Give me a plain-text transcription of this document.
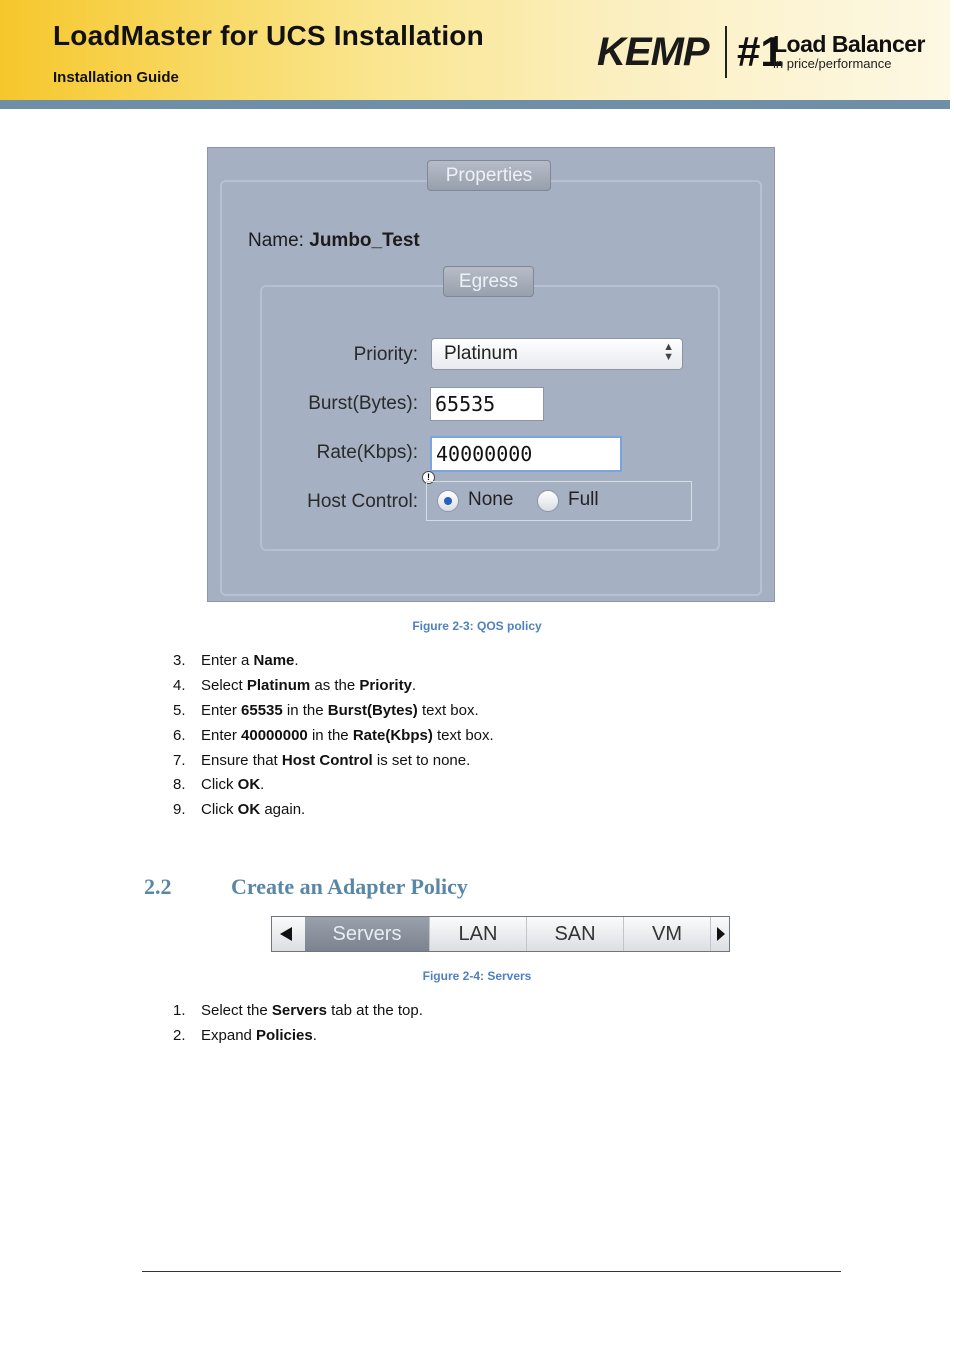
LoadMaster for UCS Installation
Installation Guide
KEMP #1
Load Balancer
in price/performance
Properties
Name: Jumbo_Test
Egress
Priority: Platinum	▲
▼
Burst(Bytes): 65535
Rate(Kbps): 40000000
!
Host Control:	None	Full
Figure 2-3: QOS policy
3. Enter a Name.
4. Select Platinum as the Priority.
5. Enter 65535 in the Burst(Bytes) text box.
6. Enter 40000000 in the Rate(Kbps) text box.
7. Ensure that Host Control is set to none.
8. Click OK.
9. Click OK again.
2.2	Create an Adapter Policy
Servers	LAN	SAN	VM
Figure 2-4: Servers
1. Select the Servers tab at the top.
2. Expand Policies.
